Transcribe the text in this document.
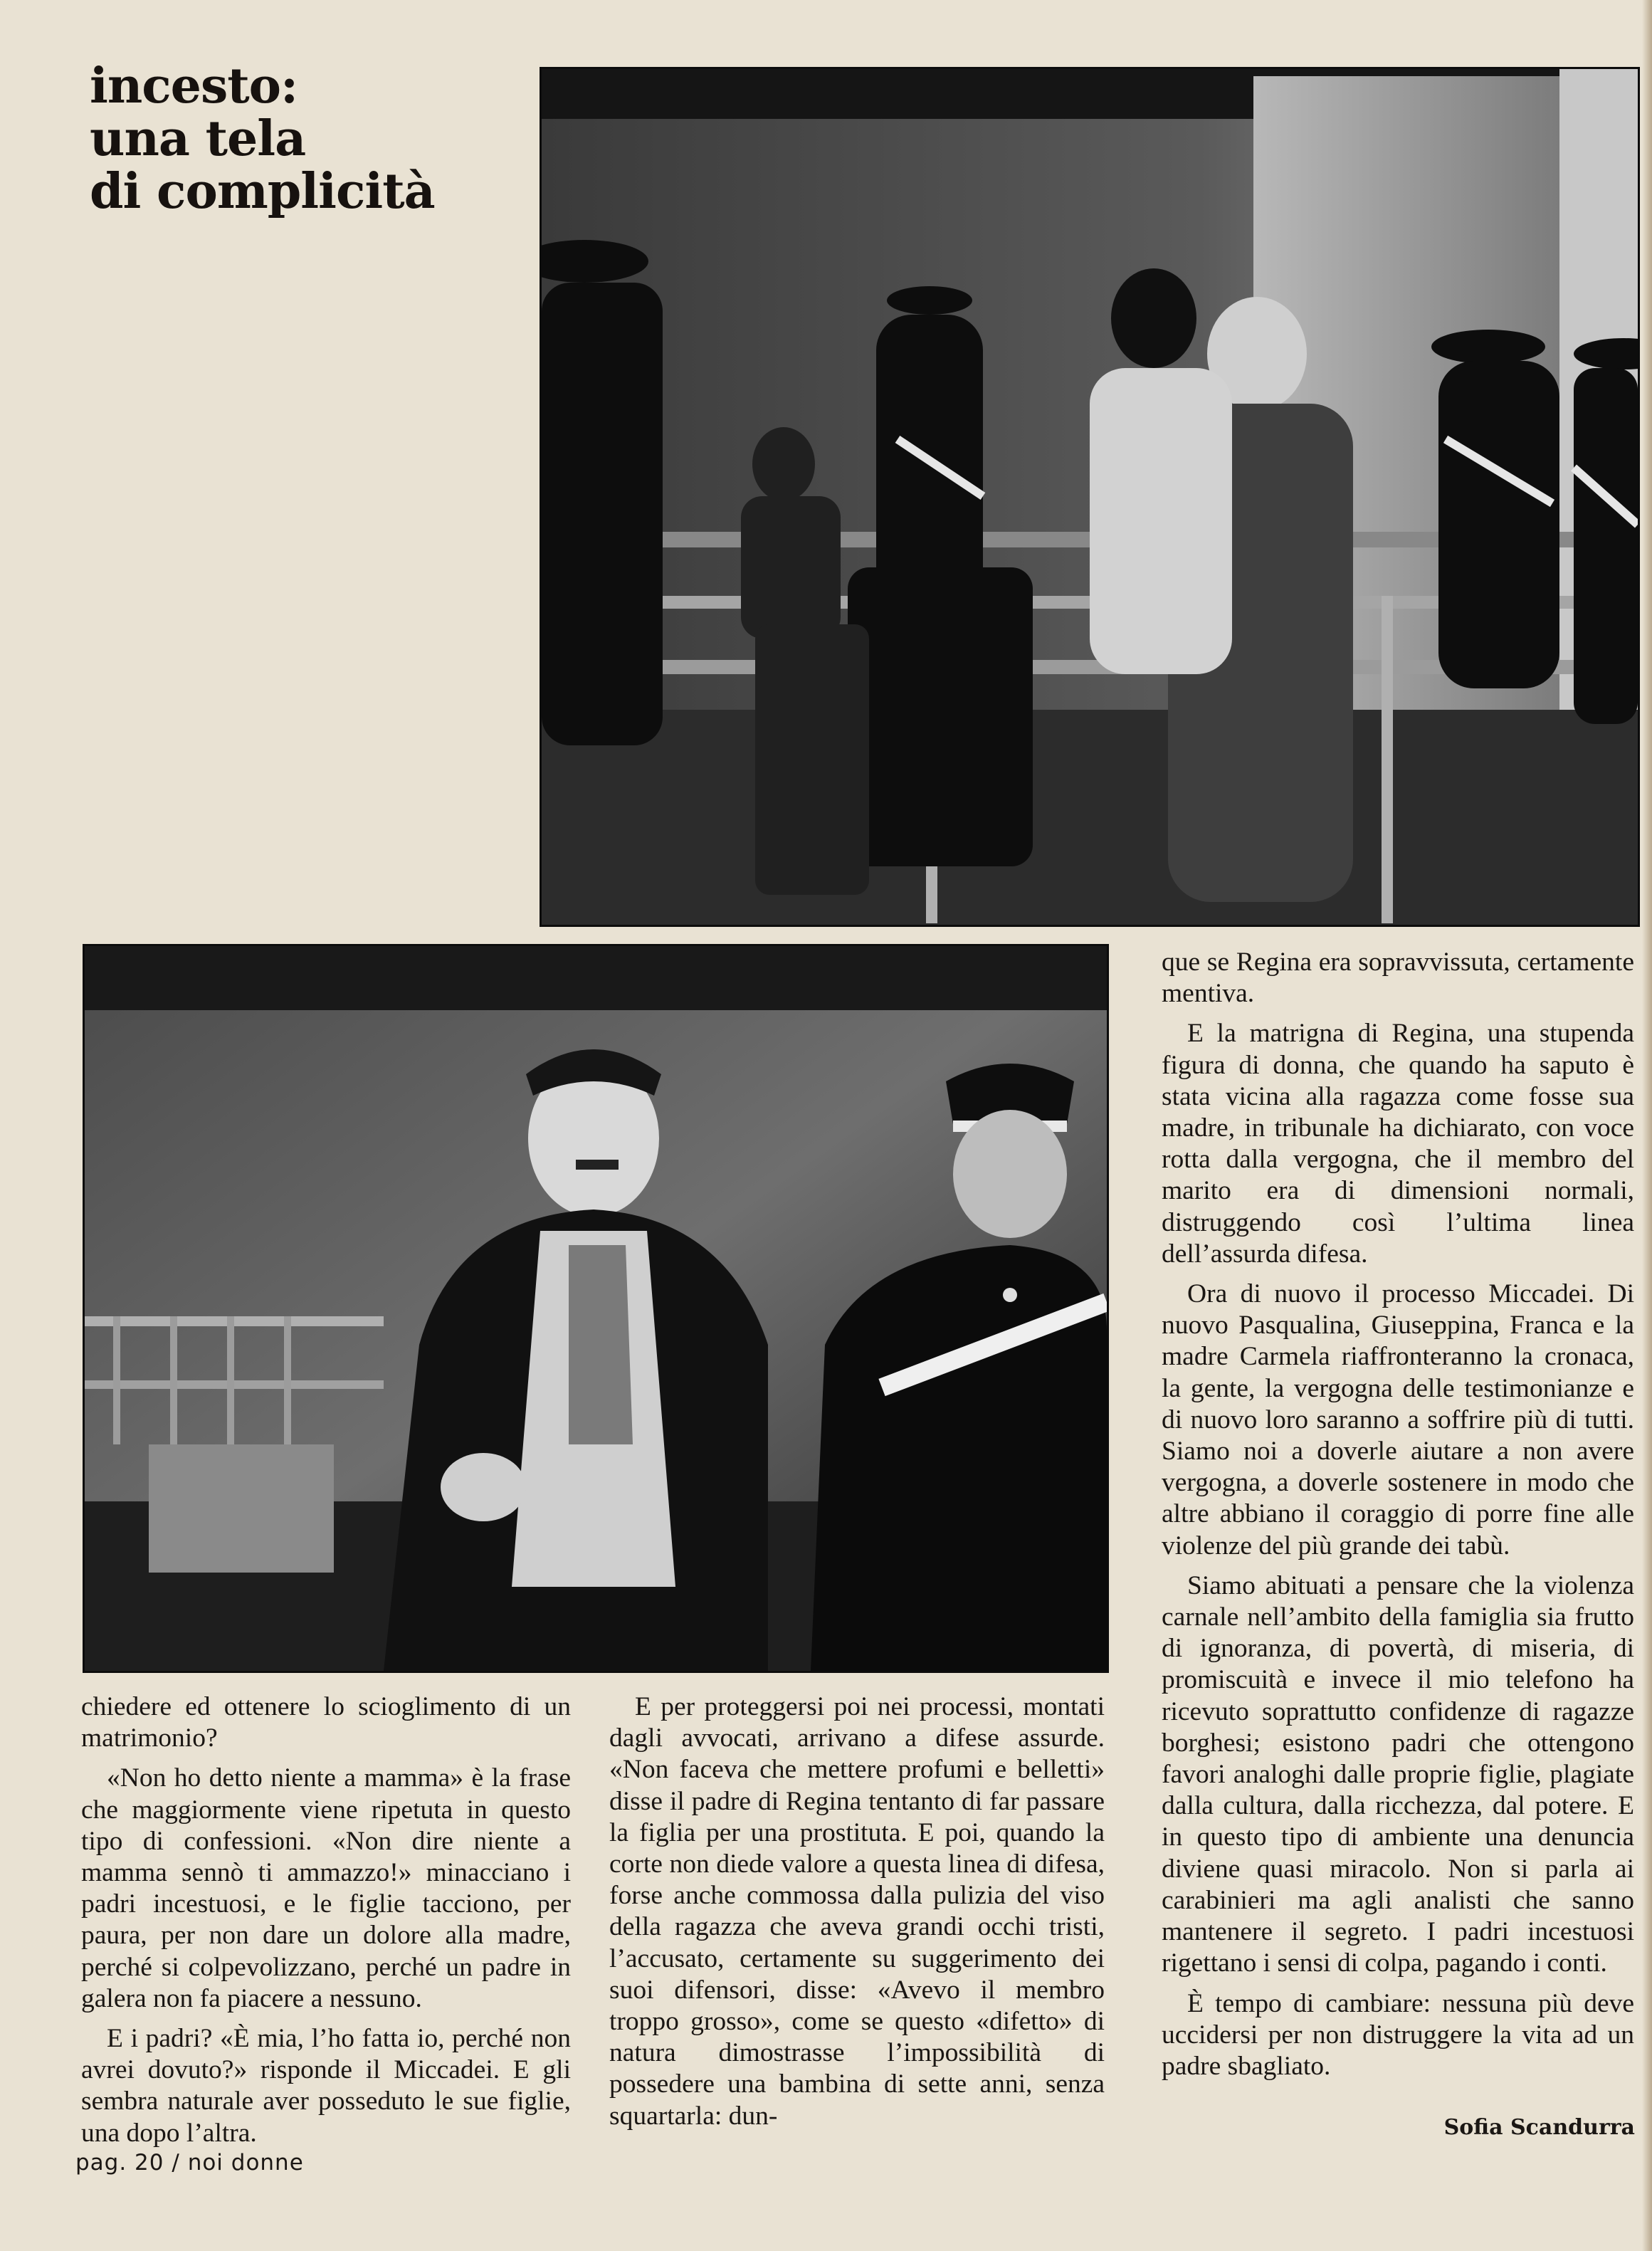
incesto:
una tela
di complicità

que se Regina era sopravvissuta, certamente mentiva.

E la matrigna di Regina, una stupenda figura di donna, che quando ha saputo è stata vicina alla ragazza come fosse sua madre, in tribunale ha dichiarato, con voce rotta dalla vergogna, che il membro del marito era di dimensioni normali, distruggendo così l’ultima linea dell’assurda difesa.

Ora di nuovo il processo Miccadei. Di nuovo Pasqualina, Giuseppina, Franca e la madre Carmela riaffronteranno la cronaca, la gente, la vergogna delle testimonianze e di nuovo loro saranno a soffrire più di tutti. Siamo noi a doverle aiutare a non avere vergogna, a doverle sostenere in modo che altre abbiano il coraggio di porre fine alle violenze del più grande dei tabù.

Siamo abituati a pensare che la violenza carnale nell’ambito della famiglia sia frutto di ignoranza, di povertà, di miseria, di promiscuità e invece il mio telefono ha ricevuto soprattutto confidenze di ragazze borghesi; esistono padri che ottengono favori analoghi dalle proprie figlie, plagiate dalla cultura, dalla ricchezza, dal potere. E in questo tipo di ambiente una denuncia diviene quasi miracolo. Non si parla ai carabinieri ma agli analisti che sanno mantenere il segreto. I padri incestuosi rigettano i sensi di colpa, pagando i conti.

È tempo di cambiare: nessuna più deve uccidersi per non distruggere la vita ad un padre sbagliato.

chiedere ed ottenere lo scioglimento di un matrimonio?

«Non ho detto niente a mamma» è la frase che maggiormente viene ripetuta in questo tipo di confessioni. «Non dire niente a mamma sennò ti ammazzo!» minacciano i padri incestuosi, e le figlie tacciono, per paura, per non dare un dolore alla madre, perché si colpevolizzano, perché un padre in galera non fa piacere a nessuno.

E i padri? «È mia, l’ho fatta io, perché non avrei dovuto?» risponde il Miccadei. E gli sembra naturale aver posseduto le sue figlie, una dopo l’altra.

E per proteggersi poi nei processi, montati dagli avvocati, arrivano a difese assurde. «Non faceva che mettere profumi e belletti» disse il padre di Regina tentanto di far passare la figlia per una prostituta. E poi, quando la corte non diede valore a questa linea di difesa, forse anche commossa dalla pulizia del viso della ragazza che aveva grandi occhi tristi, l’accusato, certamente su suggerimento dei suoi difensori, disse: «Avevo il membro troppo grosso», come se questo «difetto» di natura dimostrasse l’impossibilità di possedere una bambina di sette anni, senza squartarla: dun-	Sofia Scandurra
pag. 20 / noi donne
